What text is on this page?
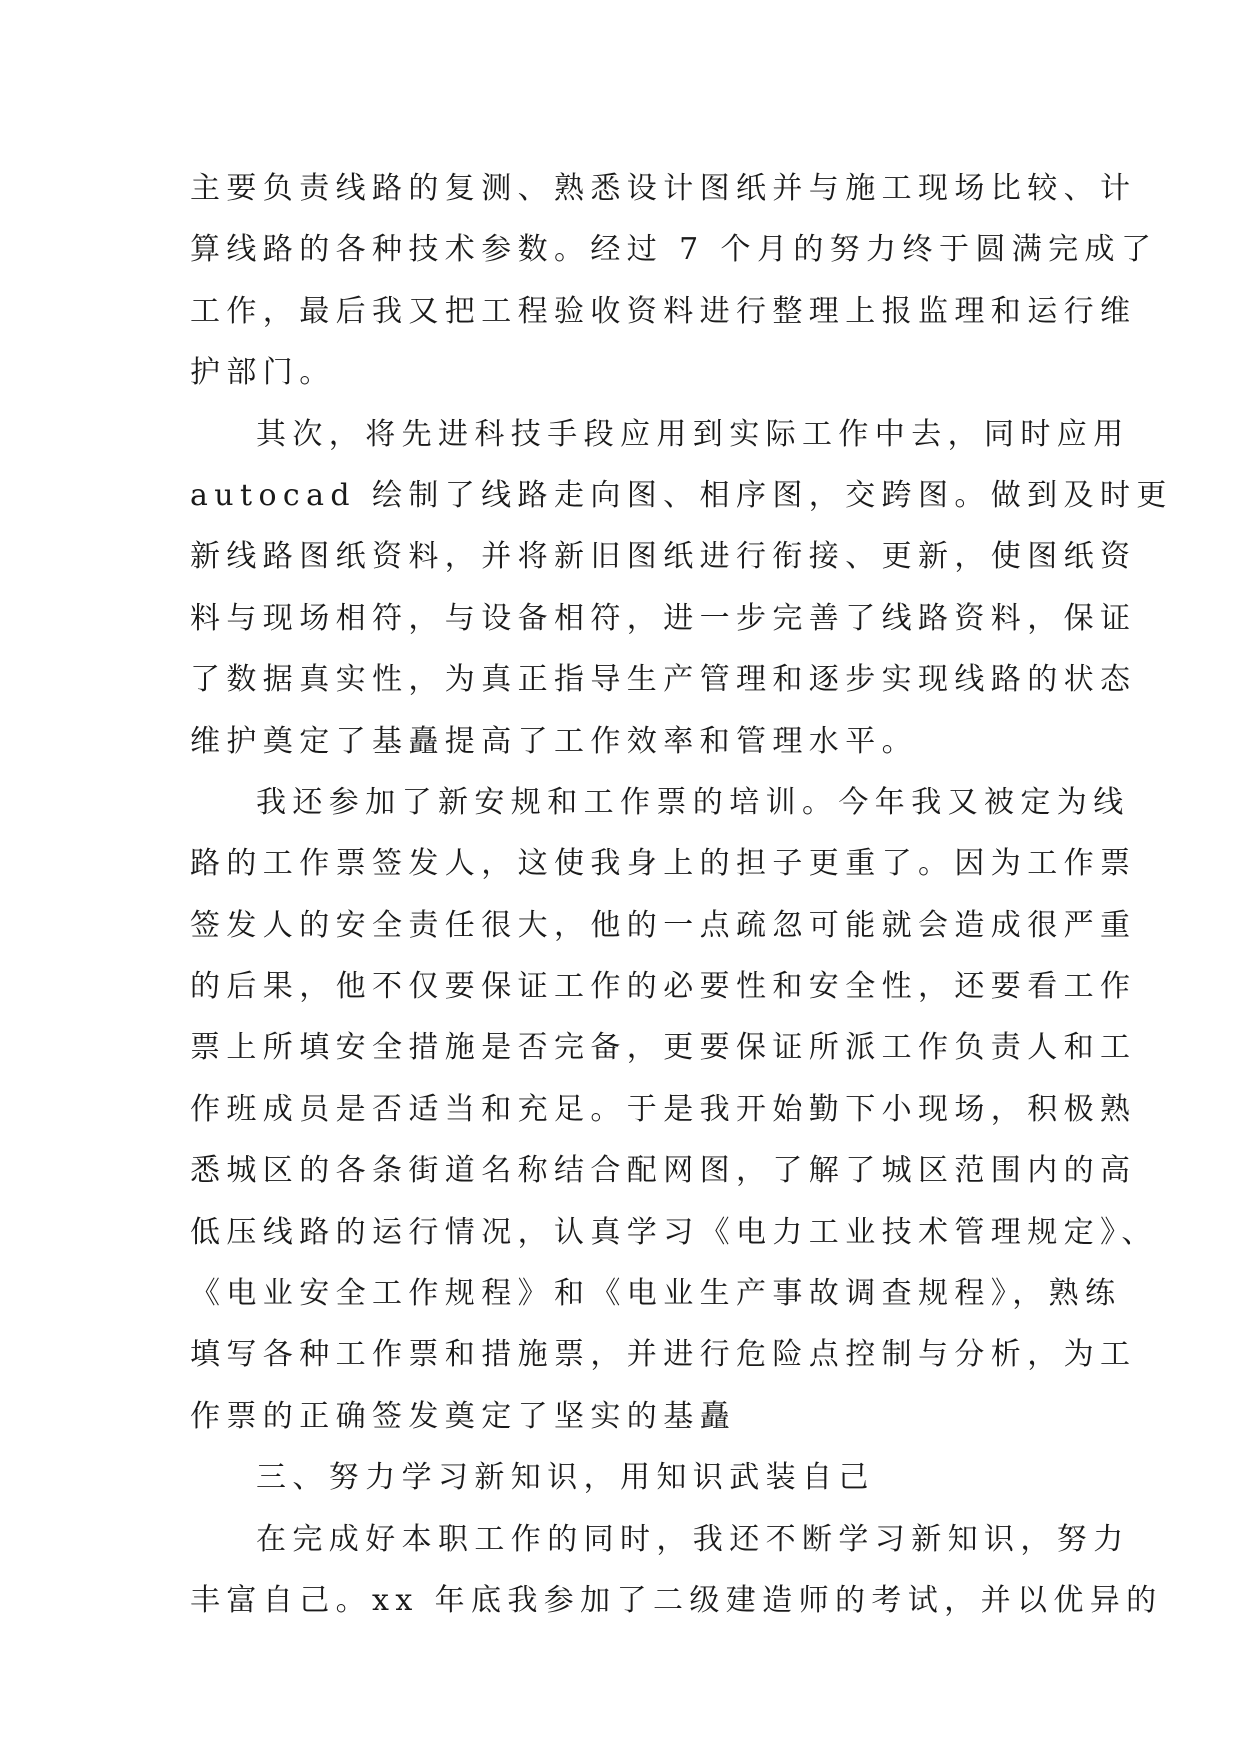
主要负责线路的复测、熟悉设计图纸并与施工现场比较、计
算线路的各种技术参数。经过 7 个月的努力终于圆满完成了
工作，最后我又把工程验收资料进行整理上报监理和运行维
护部门。
其次，将先进科技手段应用到实际工作中去，同时应用
autocad 绘制了线路走向图、相序图，交跨图。做到及时更
新线路图纸资料，并将新旧图纸进行衔接、更新，使图纸资
料与现场相符，与设备相符，进一步完善了线路资料，保证
了数据真实性，为真正指导生产管理和逐步实现线路的状态
维护奠定了基矗提高了工作效率和管理水平。
我还参加了新安规和工作票的培训。今年我又被定为线
路的工作票签发人，这使我身上的担子更重了。因为工作票
签发人的安全责任很大，他的一点疏忽可能就会造成很严重
的后果，他不仅要保证工作的必要性和安全性，还要看工作
票上所填安全措施是否完备，更要保证所派工作负责人和工
作班成员是否适当和充足。于是我开始勤下小现场，积极熟
悉城区的各条街道名称结合配网图，了解了城区范围内的高
低压线路的运行情况，认真学习《电力工业技术管理规定》、
《电业安全工作规程》和《电业生产事故调查规程》，熟练
填写各种工作票和措施票，并进行危险点控制与分析，为工
作票的正确签发奠定了坚实的基矗
三、努力学习新知识，用知识武装自己
在完成好本职工作的同时，我还不断学习新知识，努力
丰富自己。xx 年底我参加了二级建造师的考试，并以优异的
